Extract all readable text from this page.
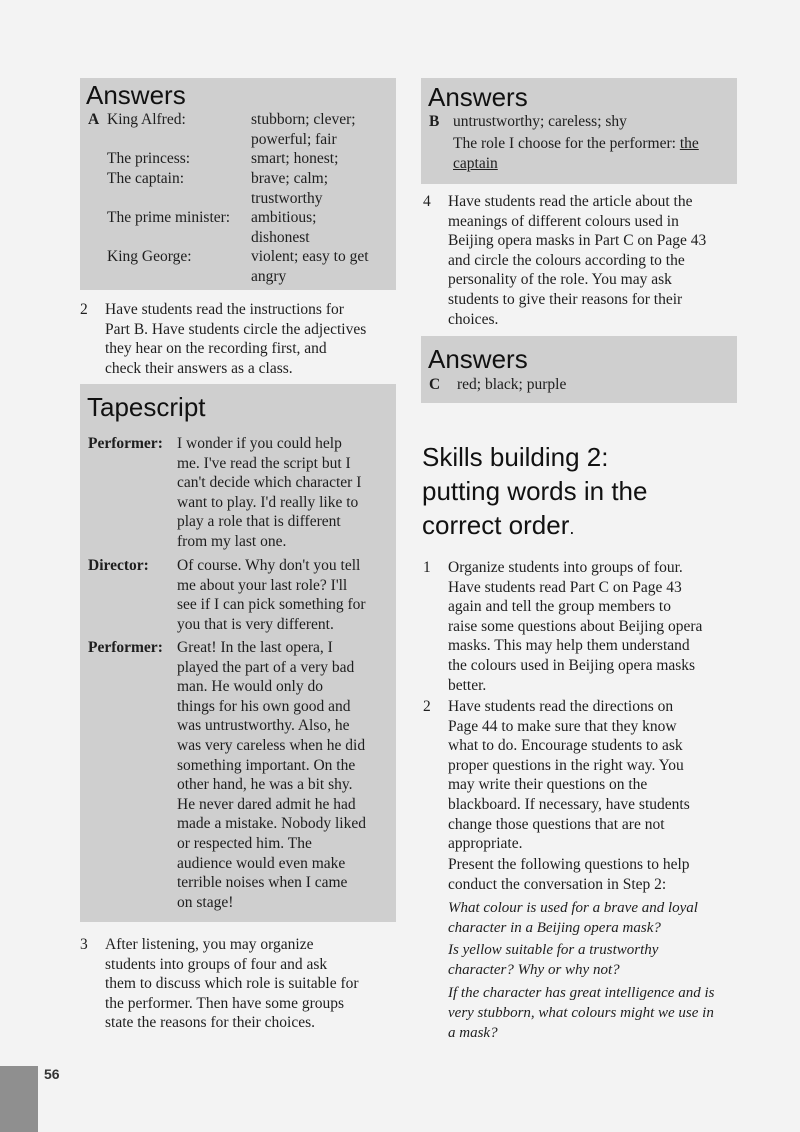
Answers
A King Alfred:	stubborn; clever;
powerful; fair
The princess:	smart; honest;
The captain:	brave; calm;
trustworthy
The prime minister: ambitious;
dishonest
King George:	violent; easy to get
angry
2	Have students read the instructions for
Part B. Have students circle the adjectives
they hear on the recording first, and
check their answers as a class.
Tapescript
Performer: I wonder if you could help
me. I've read the script but I
can't decide which character I
want to play. I'd really like to
play a role that is different
from my last one.
Director: Of course. Why don't you tell
me about your last role? I'll
see if I can pick something for
you that is very different.
Performer: Great! In the last opera, I
played the part of a very bad
man. He would only do
things for his own good and
was untrustworthy. Also, he
was very careless when he did
something important. On the
other hand, he was a bit shy.
He never dared admit he had
made a mistake. Nobody liked
or respected him. The
audience would even make
terrible noises when I came
on stage!
3	After listening, you may organize
students into groups of four and ask
them to discuss which role is suitable for
the performer. Then have some groups
state the reasons for their choices.
Answers
B untrustworthy; careless; shy
The role I choose for the performer: the
captain
4	Have students read the article about the
meanings of different colours used in
Beijing opera masks in Part C on Page 43
and circle the colours according to the
personality of the role. You may ask
students to give their reasons for their
choices.
Answers
C red; black; purple
Skills building 2:
putting words in the
correct order.
1	Organize students into groups of four.
Have students read Part C on Page 43
again and tell the group members to
raise some questions about Beijing opera
masks. This may help them understand
the colours used in Beijing opera masks
better.
2	Have students read the directions on
Page 44 to make sure that they know
what to do. Encourage students to ask
proper questions in the right way. You
may write their questions on the
blackboard. If necessary, have students
change those questions that are not
appropriate.
Present the following questions to help
conduct the conversation in Step 2:
What colour is used for a brave and loyal
character in a Beijing opera mask?
Is yellow suitable for a trustworthy
character? Why or why not?
If the character has great intelligence and is
very stubborn, what colours might we use in
a mask?
56
